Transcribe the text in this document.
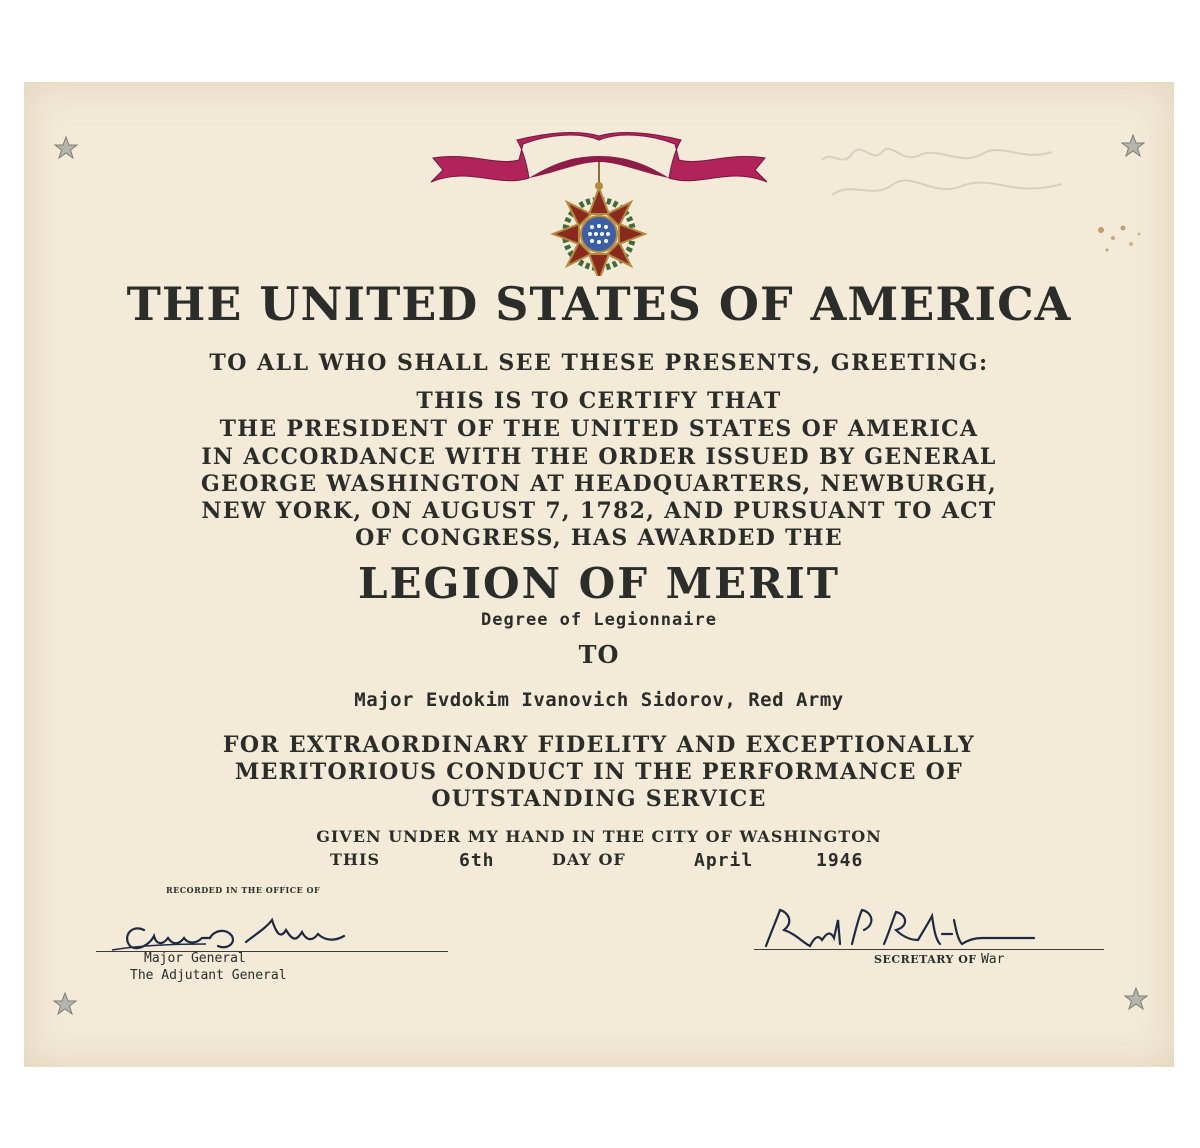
THE UNITED STATES OF AMERICA
TO ALL WHO SHALL SEE THESE PRESENTS, GREETING:
THIS IS TO CERTIFY THAT
THE PRESIDENT OF THE UNITED STATES OF AMERICA
IN ACCORDANCE WITH THE ORDER ISSUED BY GENERAL
GEORGE WASHINGTON AT HEADQUARTERS, NEWBURGH,
NEW YORK, ON AUGUST 7, 1782, AND PURSUANT TO ACT
OF CONGRESS, HAS AWARDED THE
LEGION OF MERIT
Degree of Legionnaire
TO
Major Evdokim Ivanovich Sidorov, Red Army
FOR EXTRAORDINARY FIDELITY AND EXCEPTIONALLY
MERITORIOUS CONDUCT IN THE PERFORMANCE OF
OUTSTANDING SERVICE
GIVEN UNDER MY HAND IN THE CITY OF WASHINGTON
THIS	6th	DAY OF	April	1946
RECORDED IN THE OFFICE OF
Major General
The Adjutant General
SECRETARY OF War
